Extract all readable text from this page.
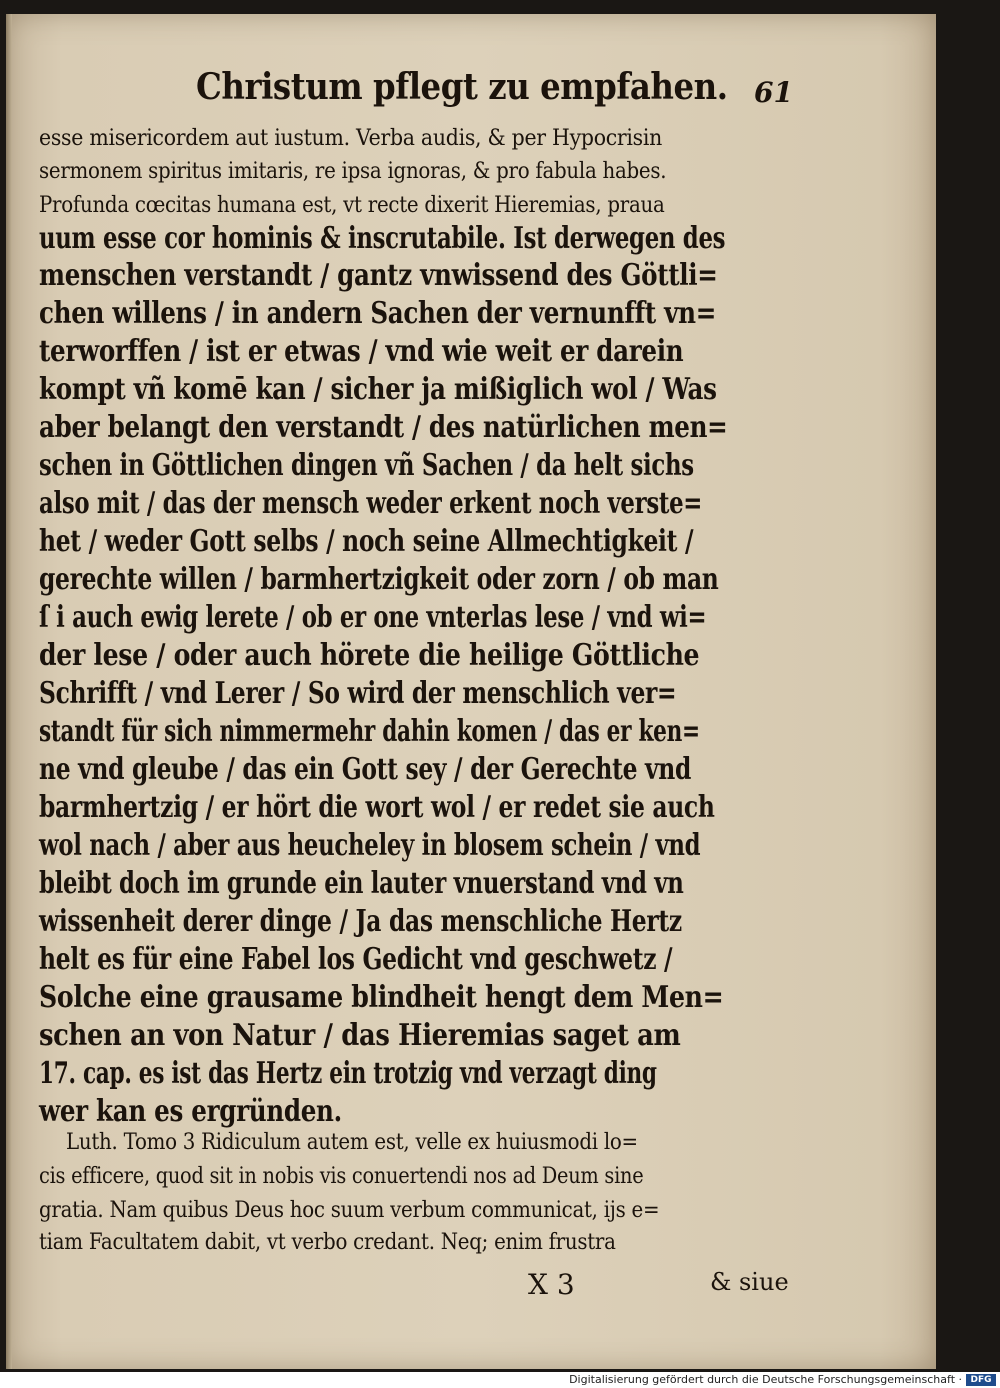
Christum pflegt zu empfahen. 61
esse misericordem aut iustum. Verba audis, & per Hypocrisin
sermonem spiritus imitaris, re ipsa ignoras, & pro fabula habes.
Profunda cœcitas humana est, vt recte dixerit Hieremias, praua
uum esse cor hominis & inscrutabile. Ist derwegen des
menschen verstandt / gantz vnwissend des Göttli=
chen willens / in andern Sachen der vernunfft vn=
terworffen / ist er etwas / vnd wie weit er darein
kompt vñ komē kan / sicher ja mißiglich wol / Was
aber belangt den verstandt / des natürlichen men=
schen in Göttlichen dingen vñ Sachen / da helt sichs
also mit / das der mensch weder erkent noch verste=
het / weder Gott selbs / noch seine Allmechtigkeit /
gerechte willen / barmhertzigkeit oder zorn / ob man
ſ i auch ewig lerete / ob er one vnterlas lese / vnd wi=
der lese / oder auch hörete die heilige Göttliche
Schrifft / vnd Lerer / So wird der menschlich ver=
standt für sich nimmermehr dahin komen / das er ken=
ne vnd gleube / das ein Gott sey / der Gerechte vnd
barmhertzig / er hört die wort wol / er redet sie auch
wol nach / aber aus heucheley in blosem schein / vnd
bleibt doch im grunde ein lauter vnuerstand vnd vn
wissenheit derer dinge / Ja das menschliche Hertz
helt es für eine Fabel los Gedicht vnd geschwetz /
Solche eine grausame blindheit hengt dem Men=
schen an von Natur / das Hieremias saget am
17. cap. es ist das Hertz ein trotzig vnd verzagt ding
wer kan es ergründen.
Luth. Tomo 3 Ridiculum autem est, velle ex huiusmodi lo=
cis efficere, quod sit in nobis vis conuertendi nos ad Deum sine
gratia. Nam quibus Deus hoc suum verbum communicat, ijs e=
tiam Facultatem dabit, vt verbo credant. Neq; enim frustra
X 3	& siue
Digitalisierung gefördert durch die Deutsche Forschungsgemeinschaft · DFG
